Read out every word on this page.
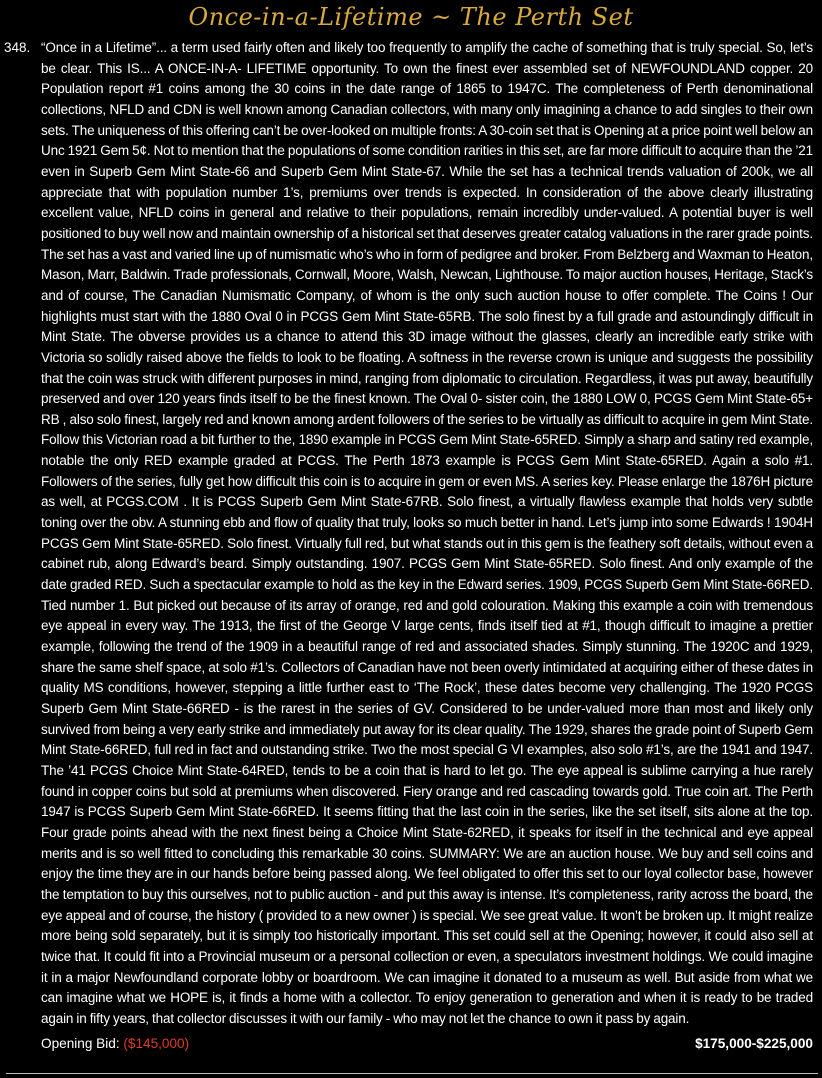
Once-in-a-Lifetime ~ The Perth Set
348. “Once in a Lifetime”... a term used fairly often and likely too frequently to amplify the cache of something that is truly special. So, let’s be clear. This IS... A ONCE-IN-A- LIFETIME opportunity. To own the finest ever assembled set of NEWFOUNDLAND copper. 20 Population report #1 coins among the 30 coins in the date range of 1865 to 1947C. The completeness of Perth denominational collections, NFLD and CDN is well known among Canadian collectors, with many only imagining a chance to add singles to their own sets. The uniqueness of this offering can’t be over-looked on multiple fronts: A 30-coin set that is Opening at a price point well below an Unc 1921 Gem 5¢. Not to mention that the populations of some condition rarities in this set, are far more difficult to acquire than the ’21 even in Superb Gem Mint State-66 and Superb Gem Mint State-67. While the set has a technical trends valuation of 200k, we all appreciate that with population number 1’s, premiums over trends is expected. In consideration of the above clearly illustrating excellent value, NFLD coins in general and relative to their populations, remain incredibly under-valued. A potential buyer is well positioned to buy well now and maintain ownership of a historical set that deserves greater catalog valuations in the rarer grade points. The set has a vast and varied line up of numismatic who’s who in form of pedigree and broker. From Belzberg and Waxman to Heaton, Mason, Marr, Baldwin. Trade professionals, Cornwall, Moore, Walsh, Newcan, Lighthouse. To major auction houses, Heritage, Stack’s and of course, The Canadian Numismatic Company, of whom is the only such auction house to offer complete. The Coins ! Our highlights must start with the 1880 Oval 0 in PCGS Gem Mint State-65RB. The solo finest by a full grade and astoundingly difficult in Mint State. The obverse provides us a chance to attend this 3D image without the glasses, clearly an incredible early strike with Victoria so solidly raised above the fields to look to be floating. A softness in the reverse crown is unique and suggests the possibility that the coin was struck with different purposes in mind, ranging from diplomatic to circulation. Regardless, it was put away, beautifully preserved and over 120 years finds itself to be the finest known. The Oval 0- sister coin, the 1880 LOW 0, PCGS Gem Mint State-65+ RB , also solo finest, largely red and known among ardent followers of the series to be virtually as difficult to acquire in gem Mint State. Follow this Victorian road a bit further to the, 1890 example in PCGS Gem Mint State-65RED. Simply a sharp and satiny red example, notable the only RED example graded at PCGS. The Perth 1873 example is PCGS Gem Mint State-65RED. Again a solo #1. Followers of the series, fully get how difficult this coin is to acquire in gem or even MS. A series key. Please enlarge the 1876H picture as well, at PCGS.COM . It is PCGS Superb Gem Mint State-67RB. Solo finest, a virtually flawless example that holds very subtle toning over the obv. A stunning ebb and flow of quality that truly, looks so much better in hand. Let’s jump into some Edwards ! 1904H PCGS Gem Mint State-65RED. Solo finest. Virtually full red, but what stands out in this gem is the feathery soft details, without even a cabinet rub, along Edward’s beard. Simply outstanding. 1907. PCGS Gem Mint State-65RED. Solo finest. And only example of the date graded RED. Such a spectacular example to hold as the key in the Edward series. 1909, PCGS Superb Gem Mint State-66RED. Tied number 1. But picked out because of its array of orange, red and gold colouration. Making this example a coin with tremendous eye appeal in every way. The 1913, the first of the George V large cents, finds itself tied at #1, though difficult to imagine a prettier example, following the trend of the 1909 in a beautiful range of red and associated shades. Simply stunning. The 1920C and 1929, share the same shelf space, at solo #1’s. Collectors of Canadian have not been overly intimidated at acquiring either of these dates in quality MS conditions, however, stepping a little further east to ‘The Rock’, these dates become very challenging. The 1920 PCGS Superb Gem Mint State-66RED - is the rarest in the series of GV. Considered to be under-valued more than most and likely only survived from being a very early strike and immediately put away for its clear quality. The 1929, shares the grade point of Superb Gem Mint State-66RED, full red in fact and outstanding strike. Two the most special G VI examples, also solo #1’s, are the 1941 and 1947. The ’41 PCGS Choice Mint State-64RED, tends to be a coin that is hard to let go. The eye appeal is sublime carrying a hue rarely found in copper coins but sold at premiums when discovered. Fiery orange and red cascading towards gold. True coin art. The Perth 1947 is PCGS Superb Gem Mint State-66RED. It seems fitting that the last coin in the series, like the set itself, sits alone at the top. Four grade points ahead with the next finest being a Choice Mint State-62RED, it speaks for itself in the technical and eye appeal merits and is so well fitted to concluding this remarkable 30 coins. SUMMARY: We are an auction house. We buy and sell coins and enjoy the time they are in our hands before being passed along. We feel obligated to offer this set to our loyal collector base, however the temptation to buy this ourselves, not to public auction - and put this away is intense. It’s completeness, rarity across the board, the eye appeal and of course, the history ( provided to a new owner ) is special. We see great value. It won’t be broken up. It might realize more being sold separately, but it is simply too historically important. This set could sell at the Opening; however, it could also sell at twice that. It could fit into a Provincial museum or a personal collection or even, a speculators investment holdings. We could imagine it in a major Newfoundland corporate lobby or boardroom. We can imagine it donated to a museum as well. But aside from what we can imagine what we HOPE is, it finds a home with a collector. To enjoy generation to generation and when it is ready to be traded again in fifty years, that collector discusses it with our family - who may not let the chance to own it pass by again.

Opening Bid: ($145,000)	$175,000-$225,000
